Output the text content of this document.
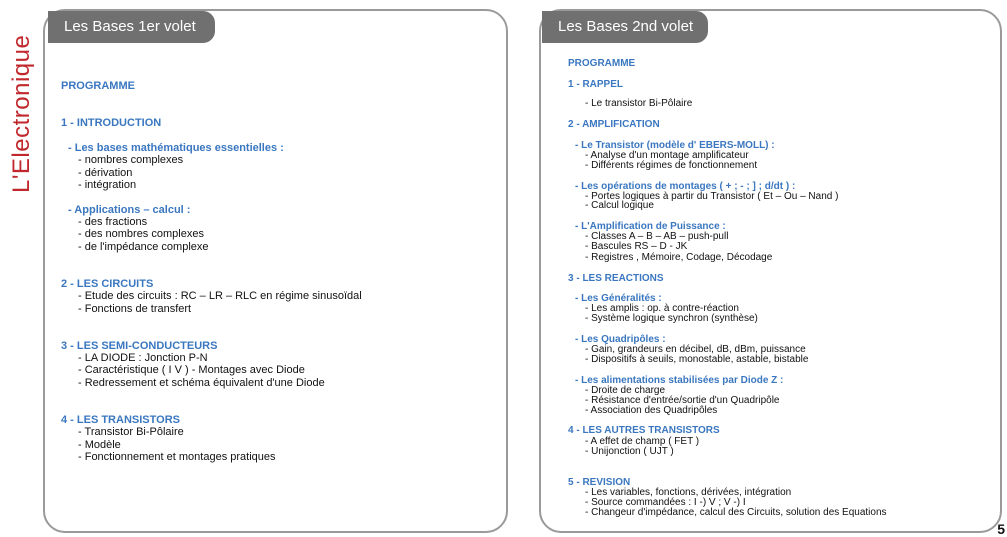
L'Electronique
Les Bases 1er volet
PROGRAMME
1 - INTRODUCTION
- Les bases mathématiques essentielles :
- nombres complexes
- dérivation
- intégration
- Applications – calcul :
- des fractions
- des nombres complexes
- de l'impédance complexe
2 - LES CIRCUITS
- Etude des circuits : RC – LR – RLC en régime sinusoïdal
- Fonctions de transfert
3 - LES SEMI-CONDUCTEURS
- LA DIODE : Jonction P-N
- Caractéristique ( I V ) - Montages avec Diode
- Redressement et schéma équivalent d'une Diode
4 - LES TRANSISTORS
- Transistor Bi-Pôlaire
- Modèle
- Fonctionnement et montages pratiques
Les Bases 2nd volet
PROGRAMME
1 - RAPPEL
- Le transistor Bi-Pôlaire
2 - AMPLIFICATION
- Le Transistor (modèle d' EBERS-MOLL) :
- Analyse d'un montage amplificateur
- Différents régimes de fonctionnement
- Les opérations de montages ( + ; - ; ] ; d/dt ) :
- Portes logiques à partir du Transistor ( Et – Ou – Nand )
- Calcul logique
- L'Amplification de Puissance :
- Classes A – B – AB – push-pull
- Bascules RS – D - JK
- Registres , Mémoire, Codage, Décodage
3 - LES REACTIONS
- Les Généralités :
- Les amplis : op. à contre-réaction
- Système logique synchron (synthèse)
- Les Quadripôles :
- Gain, grandeurs en décibel, dB, dBm, puissance
- Dispositifs à seuils, monostable, astable, bistable
- Les alimentations stabilisées par Diode Z :
- Droite de charge
- Résistance d'entrée/sortie d'un Quadripôle
- Association des Quadripôles
4 - LES AUTRES TRANSISTORS
- A effet de champ ( FET )
- Unijonction ( UJT )
5 - REVISION
- Les variables, fonctions, dérivées, intégration
- Source commandées : I -) V ; V -) I
- Changeur d'impédance, calcul des Circuits, solution des Equations
5
